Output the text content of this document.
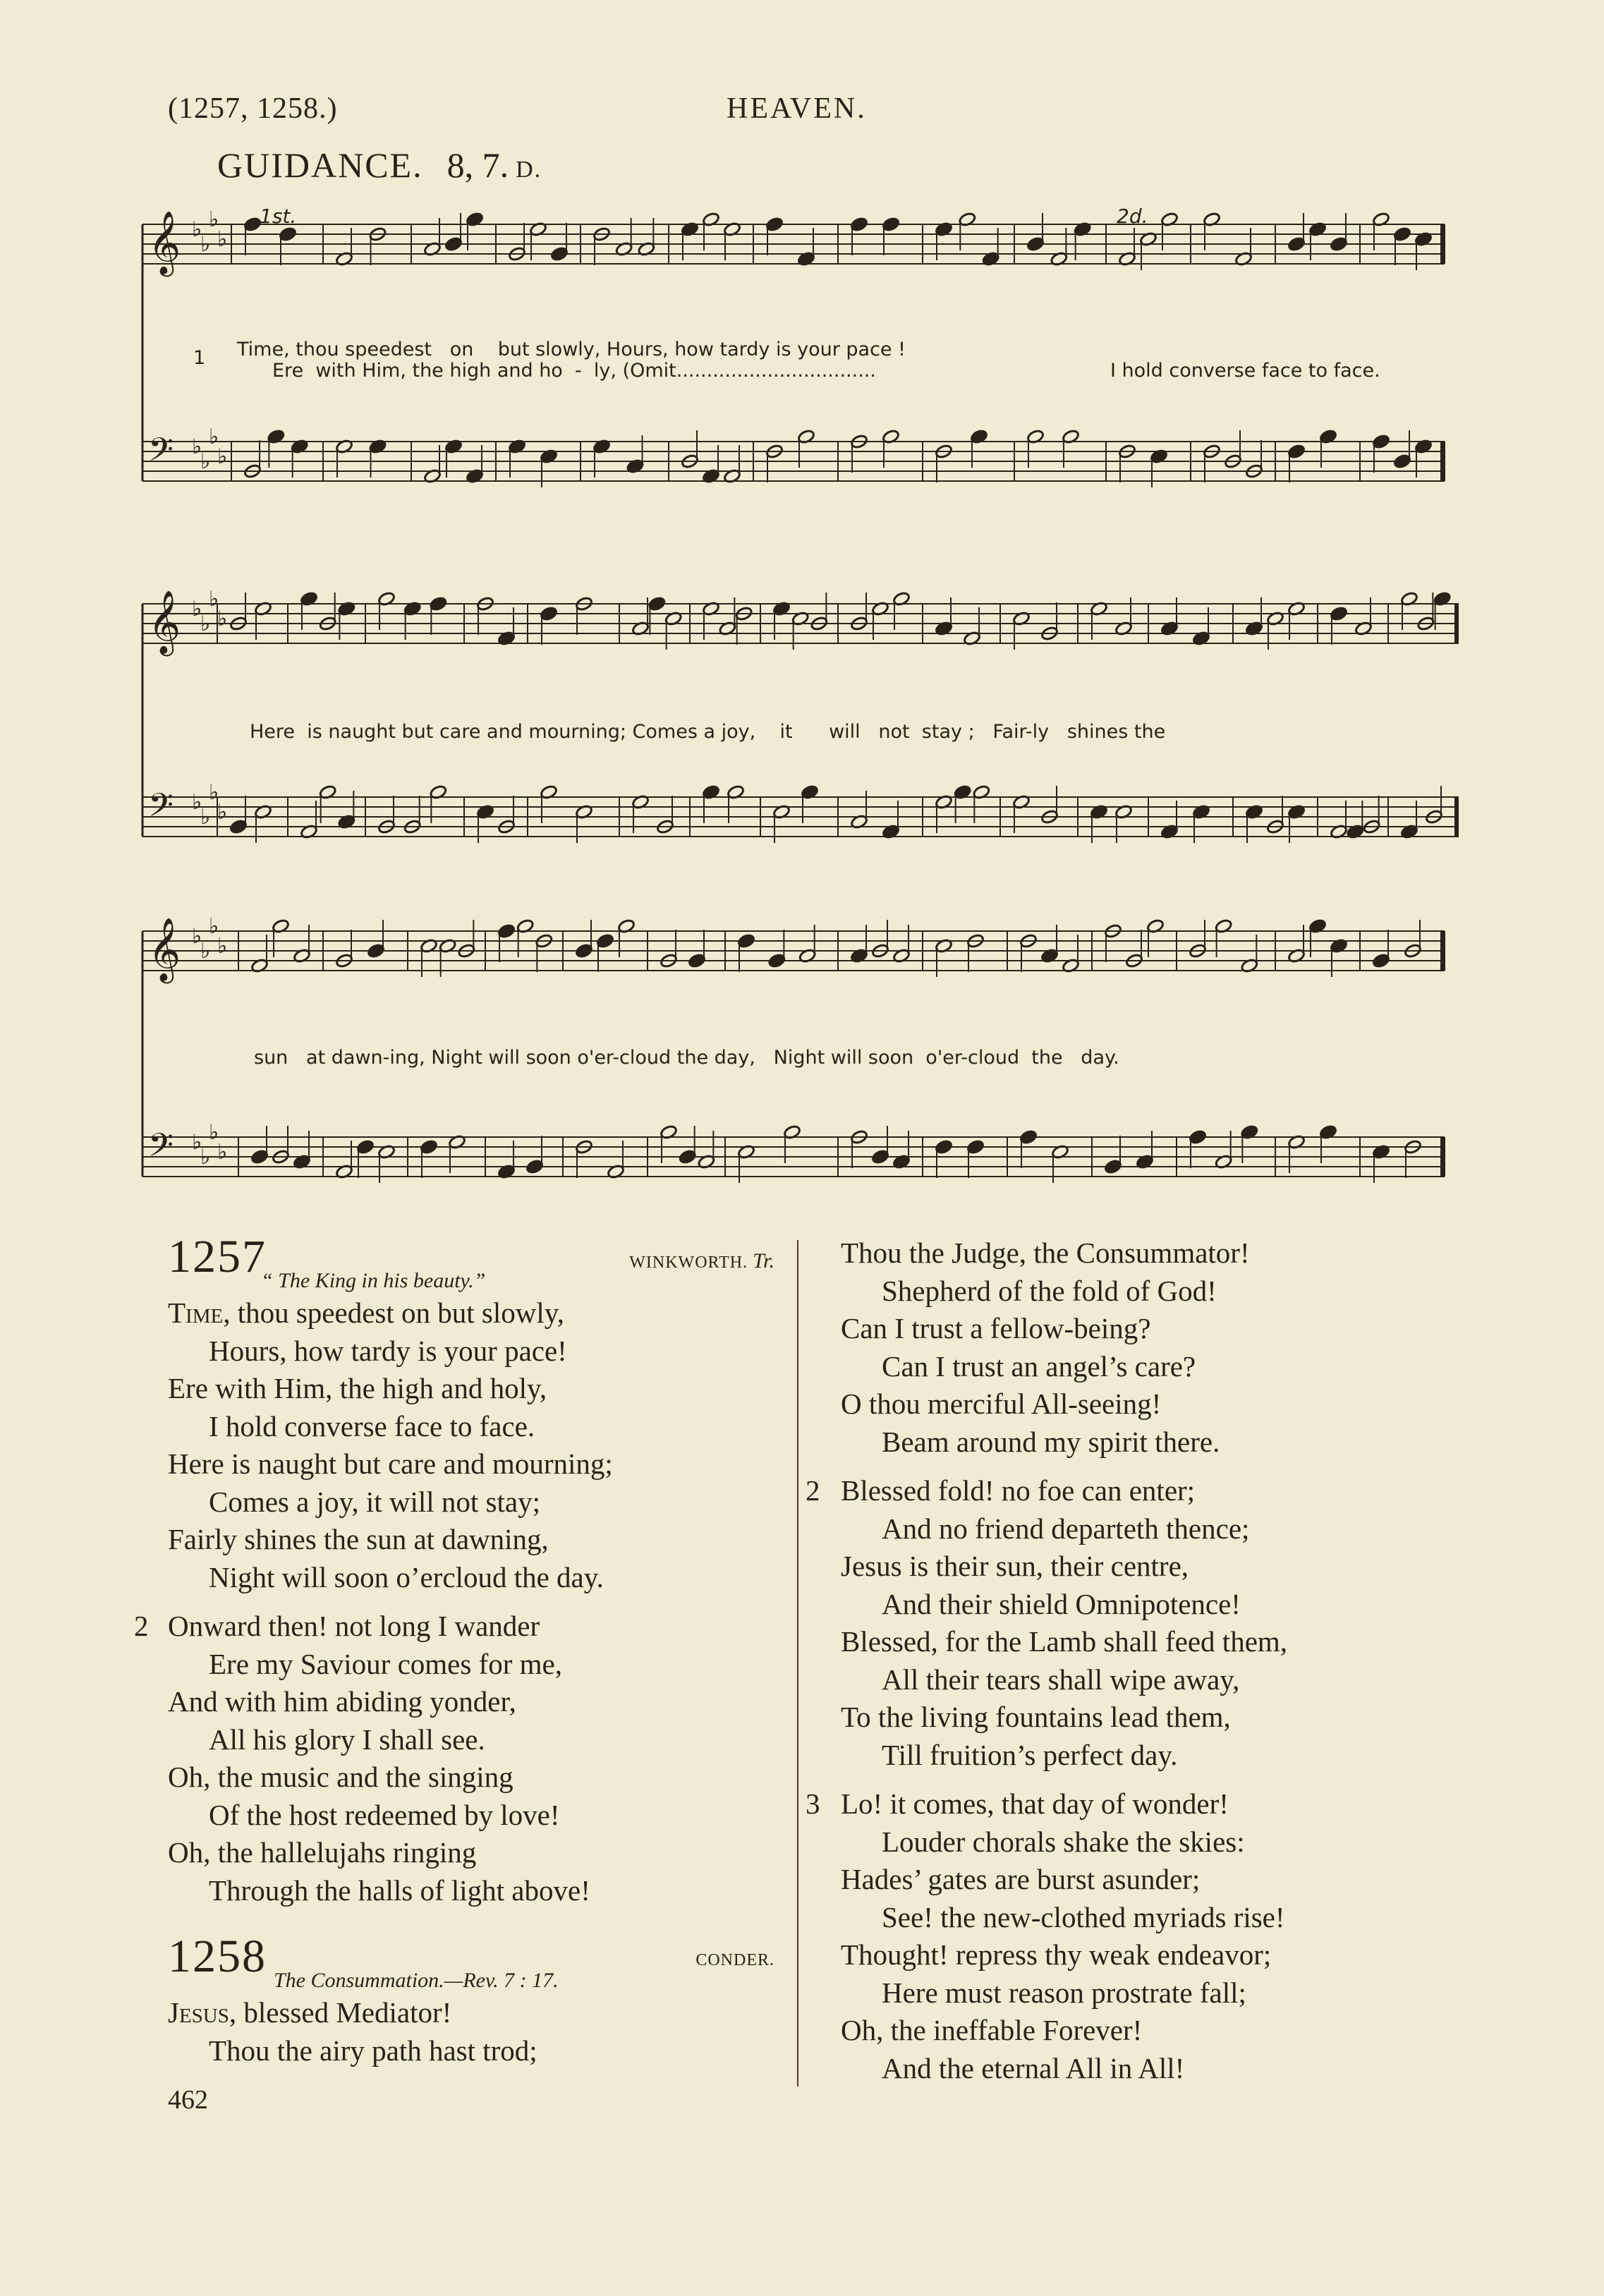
(1257, 1258.)	HEAVEN.
GUIDANCE. 8, 7. D.
𝄞 ♭
♭
♭
♭
𝄢 ♭
♭
♭
♭
1st.	2d.
1 Time, thou speedest   on    but slowly, Hours, how tardy is your pace !
Ere  with Him, the high and ho  -  ly, (Omit.................................	I hold converse face to face.
𝄞 ♭
♭
♭
♭
𝄢 ♭
♭
♭
♭
Here  is naught but care and mourning; Comes a joy,    it      will   not  stay ;   Fair-ly   shines the
𝄞 ♭
♭
♭
♭
𝄢 ♭
♭
♭
♭
sun   at dawn-ing, Night will soon o'er-cloud the day,   Night will soon  o'er-cloud  the   day.
1257	WINKWORTH. Tr.
“ The King in his beauty.”

Time, thou speedest on but slowly,

Hours, how tardy is your pace!

Ere with Him, the high and holy,

I hold converse face to face.

Here is naught but care and mourning;

Comes a joy, it will not stay;

Fairly shines the sun at dawning,

Night will soon o’ercloud the day.

2 Onward then! not long I wander

Ere my Saviour comes for me,

And with him abiding yonder,

All his glory I shall see.

Oh, the music and the singing

Of the host redeemed by love!

Oh, the hallelujahs ringing

Through the halls of light above!

1258	CONDER.
The Consummation.—Rev. 7 : 17.

Jesus, blessed Mediator!

Thou the airy path hast trod;

462

Thou the Judge, the Consummator!

Shepherd of the fold of God!

Can I trust a fellow-being?

Can I trust an angel’s care?

O thou merciful All-seeing!

Beam around my spirit there.

2 Blessed fold! no foe can enter;

And no friend departeth thence;

Jesus is their sun, their centre,

And their shield Omnipotence!

Blessed, for the Lamb shall feed them,

All their tears shall wipe away,

To the living fountains lead them,

Till fruition’s perfect day.

3 Lo! it comes, that day of wonder!

Louder chorals shake the skies:

Hades’ gates are burst asunder;

See! the new-clothed myriads rise!

Thought! repress thy weak endeavor;

Here must reason prostrate fall;

Oh, the ineffable Forever!

And the eternal All in All!
